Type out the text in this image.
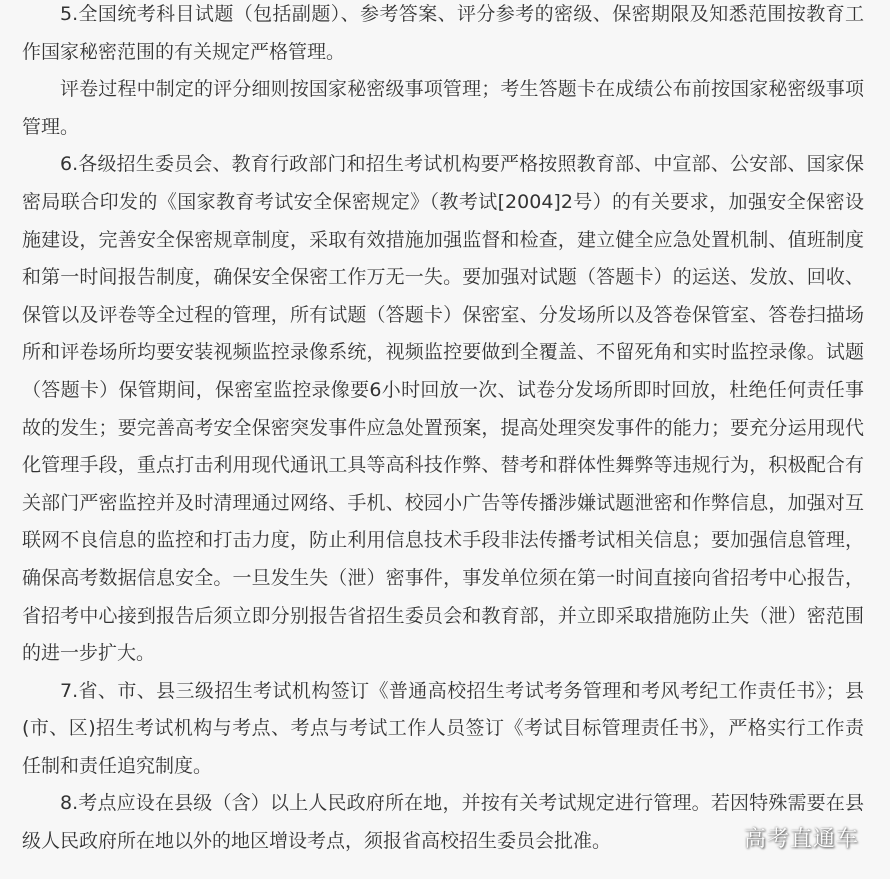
5.全国统考科目试题（包括副题）、参考答案、评分参考的密级、保密期限及知悉范围按教育工
作国家秘密范围的有关规定严格管理。
评卷过程中制定的评分细则按国家秘密级事项管理；考生答题卡在成绩公布前按国家秘密级事项
管理。
6.各级招生委员会、教育行政部门和招生考试机构要严格按照教育部、中宣部、公安部、国家保
密局联合印发的《国家教育考试安全保密规定》（教考试[2004]2号）的有关要求，加强安全保密设
施建设，完善安全保密规章制度，采取有效措施加强监督和检查，建立健全应急处置机制、值班制度
和第一时间报告制度，确保安全保密工作万无一失。要加强对试题（答题卡）的运送、发放、回收、
保管以及评卷等全过程的管理，所有试题（答题卡）保密室、分发场所以及答卷保管室、答卷扫描场
所和评卷场所均要安装视频监控录像系统，视频监控要做到全覆盖、不留死角和实时监控录像。试题
（答题卡）保管期间，保密室监控录像要6小时回放一次、试卷分发场所即时回放，杜绝任何责任事
故的发生；要完善高考安全保密突发事件应急处置预案，提高处理突发事件的能力；要充分运用现代
化管理手段，重点打击利用现代通讯工具等高科技作弊、替考和群体性舞弊等违规行为，积极配合有
关部门严密监控并及时清理通过网络、手机、校园小广告等传播涉嫌试题泄密和作弊信息，加强对互
联网不良信息的监控和打击力度，防止利用信息技术手段非法传播考试相关信息；要加强信息管理，
确保高考数据信息安全。一旦发生失（泄）密事件，事发单位须在第一时间直接向省招考中心报告，
省招考中心接到报告后须立即分别报告省招生委员会和教育部，并立即采取措施防止失（泄）密范围
的进一步扩大。
7.省、市、县三级招生考试机构签订《普通高校招生考试考务管理和考风考纪工作责任书》；县
(市、区)招生考试机构与考点、考点与考试工作人员签订《考试目标管理责任书》，严格实行工作责
任制和责任追究制度。
8.考点应设在县级（含）以上人民政府所在地，并按有关考试规定进行管理。若因特殊需要在县
级人民政府所在地以外的地区增设考点，须报省高校招生委员会批准。	高考直通车
